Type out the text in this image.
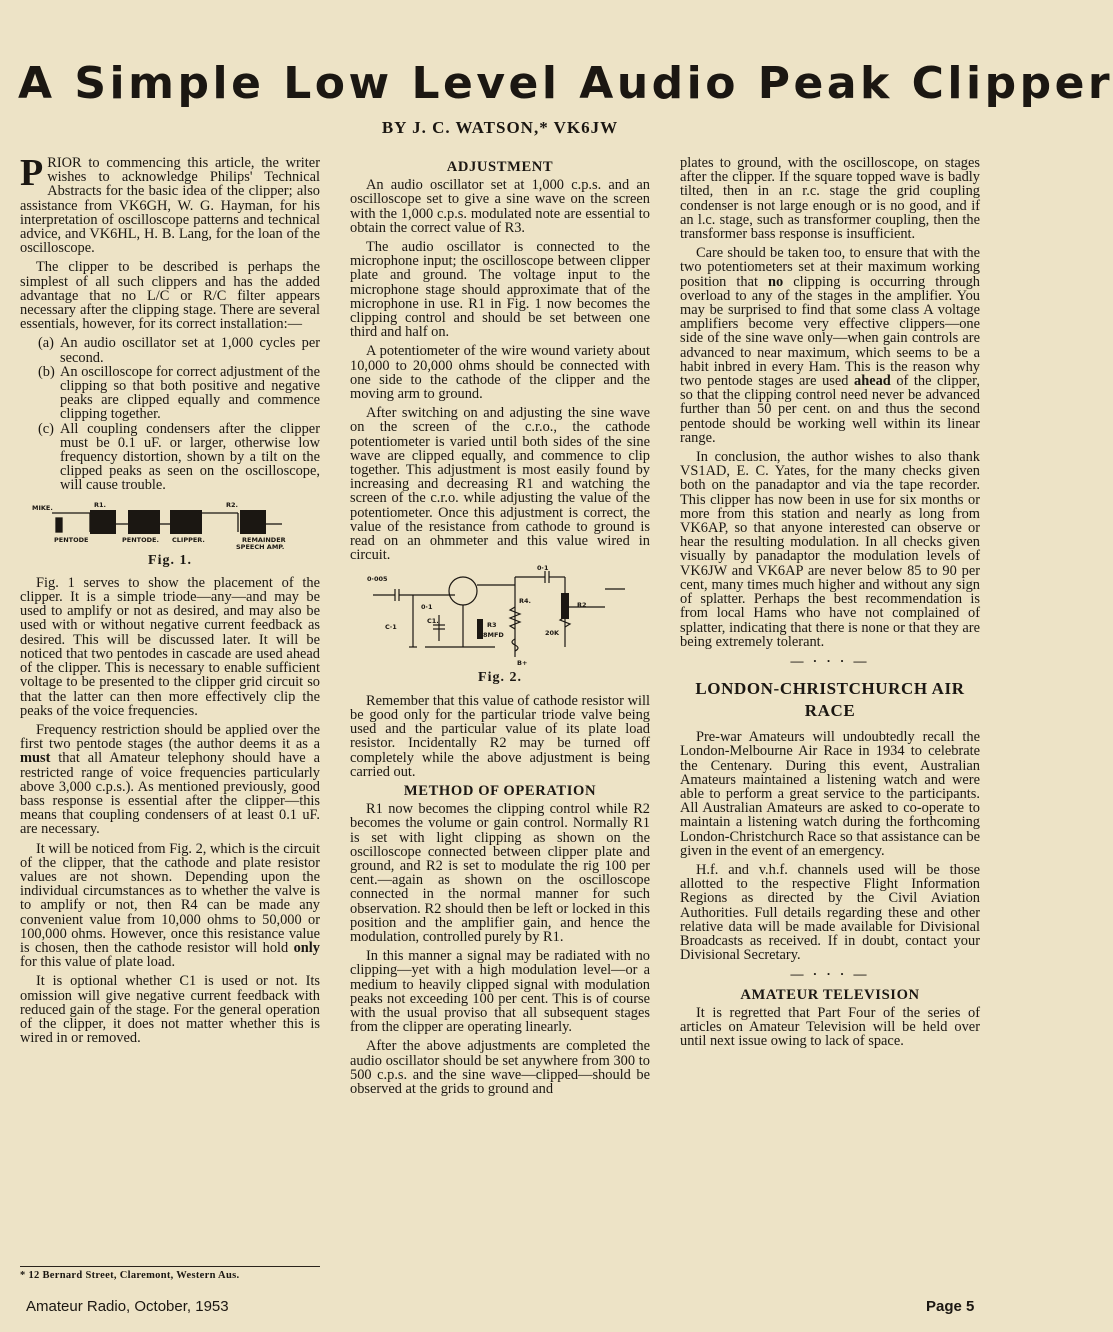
A Simple Low Level Audio Peak Clipper
BY J. C. WATSON,* VK6JW

PRIOR to commencing this article, the writer wishes to acknowledge Philips' Technical Abstracts for the basic idea of the clipper; also assistance from VK6GH, W. G. Hayman, for his interpretation of oscilloscope patterns and technical advice, and VK6HL, H. B. Lang, for the loan of the oscilloscope.

The clipper to be described is perhaps the simplest of all such clippers and has the added advantage that no L/C or R/C filter appears necessary after the clipping stage. There are several essentials, however, for its correct installation:—

(a) An audio oscillator set at 1,000 cycles per second.
(b) An oscilloscope for correct adjustment of the clipping so that both positive and negative peaks are clipped equally and commence clipping together.
(c) All coupling condensers after the clipper must be 0.1 uF. or larger, otherwise low frequency distortion, shown by a tilt on the clipped peaks as seen on the oscilloscope, will cause trouble.
MIKE.	R1.	R2.
PENTODE	PENTODE. CLIPPER.	REMAINDER
SPEECH AMP.
Fig. 1.

Fig. 1 serves to show the placement of the clipper. It is a simple triode—any—and may be used to amplify or not as desired, and may also be used with or without negative current feedback as desired. This will be discussed later. It will be noticed that two pentodes in cascade are used ahead of the clipper. This is necessary to enable sufficient voltage to be presented to the clipper grid circuit so that the latter can then more effectively clip the peaks of the voice frequencies.

Frequency restriction should be applied over the first two pentode stages (the author deems it as a must that all Amateur telephony should have a restricted range of voice frequencies particularly above 3,000 c.p.s.). As mentioned previously, good bass response is essential after the clipper—this means that coupling condensers of at least 0.1 uF. are necessary.

It will be noticed from Fig. 2, which is the circuit of the clipper, that the cathode and plate resistor values are not shown. Depending upon the individual circumstances as to whether the valve is to amplify or not, then R4 can be made any convenient value from 10,000 ohms to 50,000 or 100,000 ohms. However, once this resistance value is chosen, then the cathode resistor will hold only for this value of plate load.

It is optional whether C1 is used or not. Its omission will give negative current feedback with reduced gain of the stage. For the general operation of the clipper, it does not matter whether this is wired in or removed.

* 12 Bernard Street, Claremont, Western Aus.
ADJUSTMENT

An audio oscillator set at 1,000 c.p.s. and an oscilloscope set to give a sine wave on the screen with the 1,000 c.p.s. modulated note are essential to obtain the correct value of R3.

The audio oscillator is connected to the microphone input; the oscilloscope between clipper plate and ground. The voltage input to the microphone stage should approximate that of the microphone in use. R1 in Fig. 1 now becomes the clipping control and should be set between one third and half on.

A potentiometer of the wire wound variety about 10,000 to 20,000 ohms should be connected with one side to the cathode of the clipper and the moving arm to ground.

After switching on and adjusting the sine wave on the screen of the c.r.o., the cathode potentiometer is varied until both sides of the sine wave are clipped equally, and commence to clip together. This adjustment is most easily found by increasing and decreasing R1 and watching the screen of the c.r.o. while adjusting the value of the potentiometer. Once this adjustment is correct, the value of the resistance from cathode to ground is read on an ohmmeter and this value wired in circuit.

0·005
0·1
0·1
C·1
C1.	R3
8MFD
R4.	R2
20K
B+
Fig. 2.

Remember that this value of cathode resistor will be good only for the particular triode valve being used and the particular value of its plate load resistor. Incidentally R2 may be turned off completely while the above adjustment is being carried out.

METHOD OF OPERATION

R1 now becomes the clipping control while R2 becomes the volume or gain control. Normally R1 is set with light clipping as shown on the oscilloscope connected between clipper plate and ground, and R2 is set to modulate the rig 100 per cent.—again as shown on the oscilloscope connected in the normal manner for such observation. R2 should then be left or locked in this position and the amplifier gain, and hence the modulation, controlled purely by R1.

In this manner a signal may be radiated with no clipping—yet with a high modulation level—or a medium to heavily clipped signal with modulation peaks not exceeding 100 per cent. This is of course with the usual proviso that all subsequent stages from the clipper are operating linearly.

After the above adjustments are completed the audio oscillator should be set anywhere from 300 to 500 c.p.s. and the sine wave—clipped—should be observed at the grids to ground and

plates to ground, with the oscilloscope, on stages after the clipper. If the square topped wave is badly tilted, then in an r.c. stage the grid coupling condenser is not large enough or is no good, and if an l.c. stage, such as transformer coupling, then the transformer bass response is insufficient.

Care should be taken too, to ensure that with the two potentiometers set at their maximum working position that no clipping is occurring through overload to any of the stages in the amplifier. You may be surprised to find that some class A voltage amplifiers become very effective clippers—one side of the sine wave only—when gain controls are advanced to near maximum, which seems to be a habit inbred in every Ham. This is the reason why two pentode stages are used ahead of the clipper, so that the clipping control need never be advanced further than 50 per cent. on and thus the second pentode should be working well within its linear range.

In conclusion, the author wishes to also thank VS1AD, E. C. Yates, for the many checks given both on the panadaptor and via the tape recorder. This clipper has now been in use for six months or more from this station and nearly as long from VK6AP, so that anyone interested can observe or hear the resulting modulation. In all checks given visually by panadaptor the modulation levels of VK6JW and VK6AP are never below 85 to 90 per cent, many times much higher and without any sign of splatter. Perhaps the best recommendation is from local Hams who have not complained of splatter, indicating that there is none or that they are being extremely tolerant.

— · · · —
LONDON-CHRISTCHURCH AIR RACE

Pre-war Amateurs will undoubtedly recall the London-Melbourne Air Race in 1934 to celebrate the Centenary. During this event, Australian Amateurs maintained a listening watch and were able to perform a great service to the participants. All Australian Amateurs are asked to co-operate to maintain a listening watch during the forthcoming London-Christchurch Race so that assistance can be given in the event of an emergency.

H.f. and v.h.f. channels used will be those allotted to the respective Flight Information Regions as directed by the Civil Aviation Authorities. Full details regarding these and other relative data will be made available for Divisional Broadcasts as received. If in doubt, contact your Divisional Secretary.

— · · · —
AMATEUR TELEVISION

It is regretted that Part Four of the series of articles on Amateur Television will be held over until next issue owing to lack of space.

Amateur Radio, October, 1953	Page 5
